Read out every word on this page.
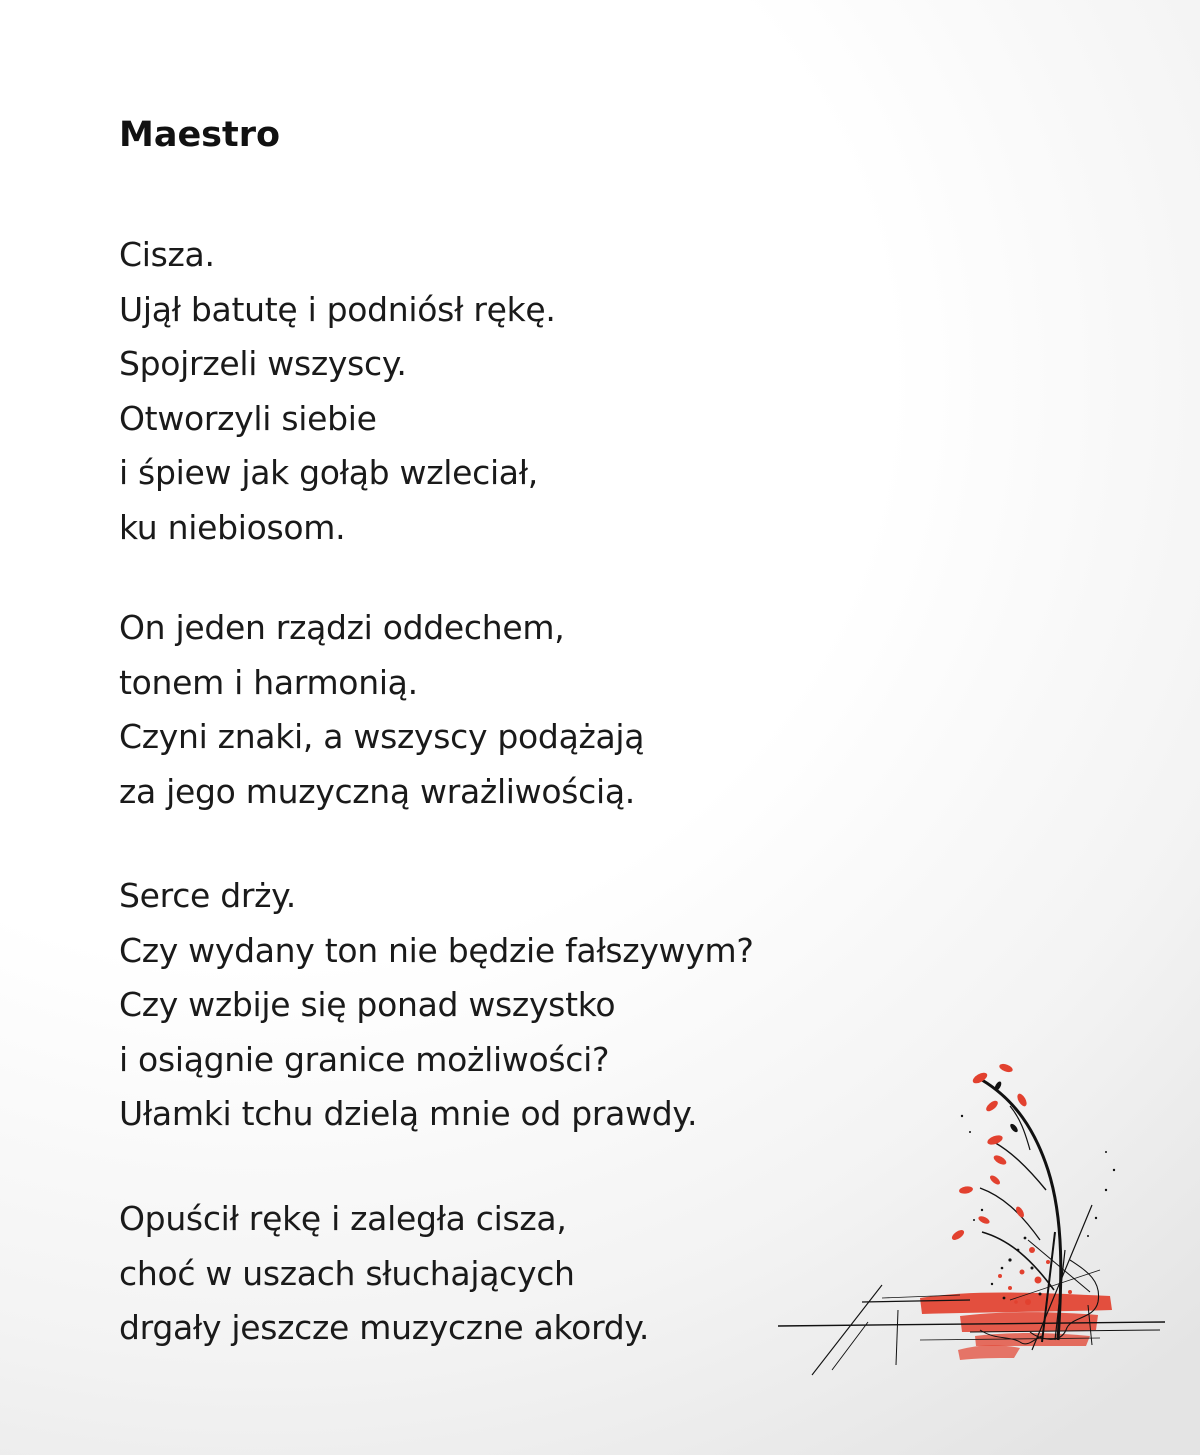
Maestro
Cisza.
Ujął batutę i podniósł rękę.
Spojrzeli wszyscy.
Otworzyli siebie
i śpiew jak gołąb wzleciał,
ku niebiosom.
On jeden rządzi oddechem,
tonem i harmonią.
Czyni znaki, a wszyscy podążają
za jego muzyczną wrażliwością.
Serce drży.
Czy wydany ton nie będzie fałszywym?
Czy wzbije się ponad wszystko
i osiągnie granice możliwości?
Ułamki tchu dzielą mnie od prawdy.
Opuścił rękę i zaległa cisza,
choć w uszach słuchających
drgały jeszcze muzyczne akordy.
